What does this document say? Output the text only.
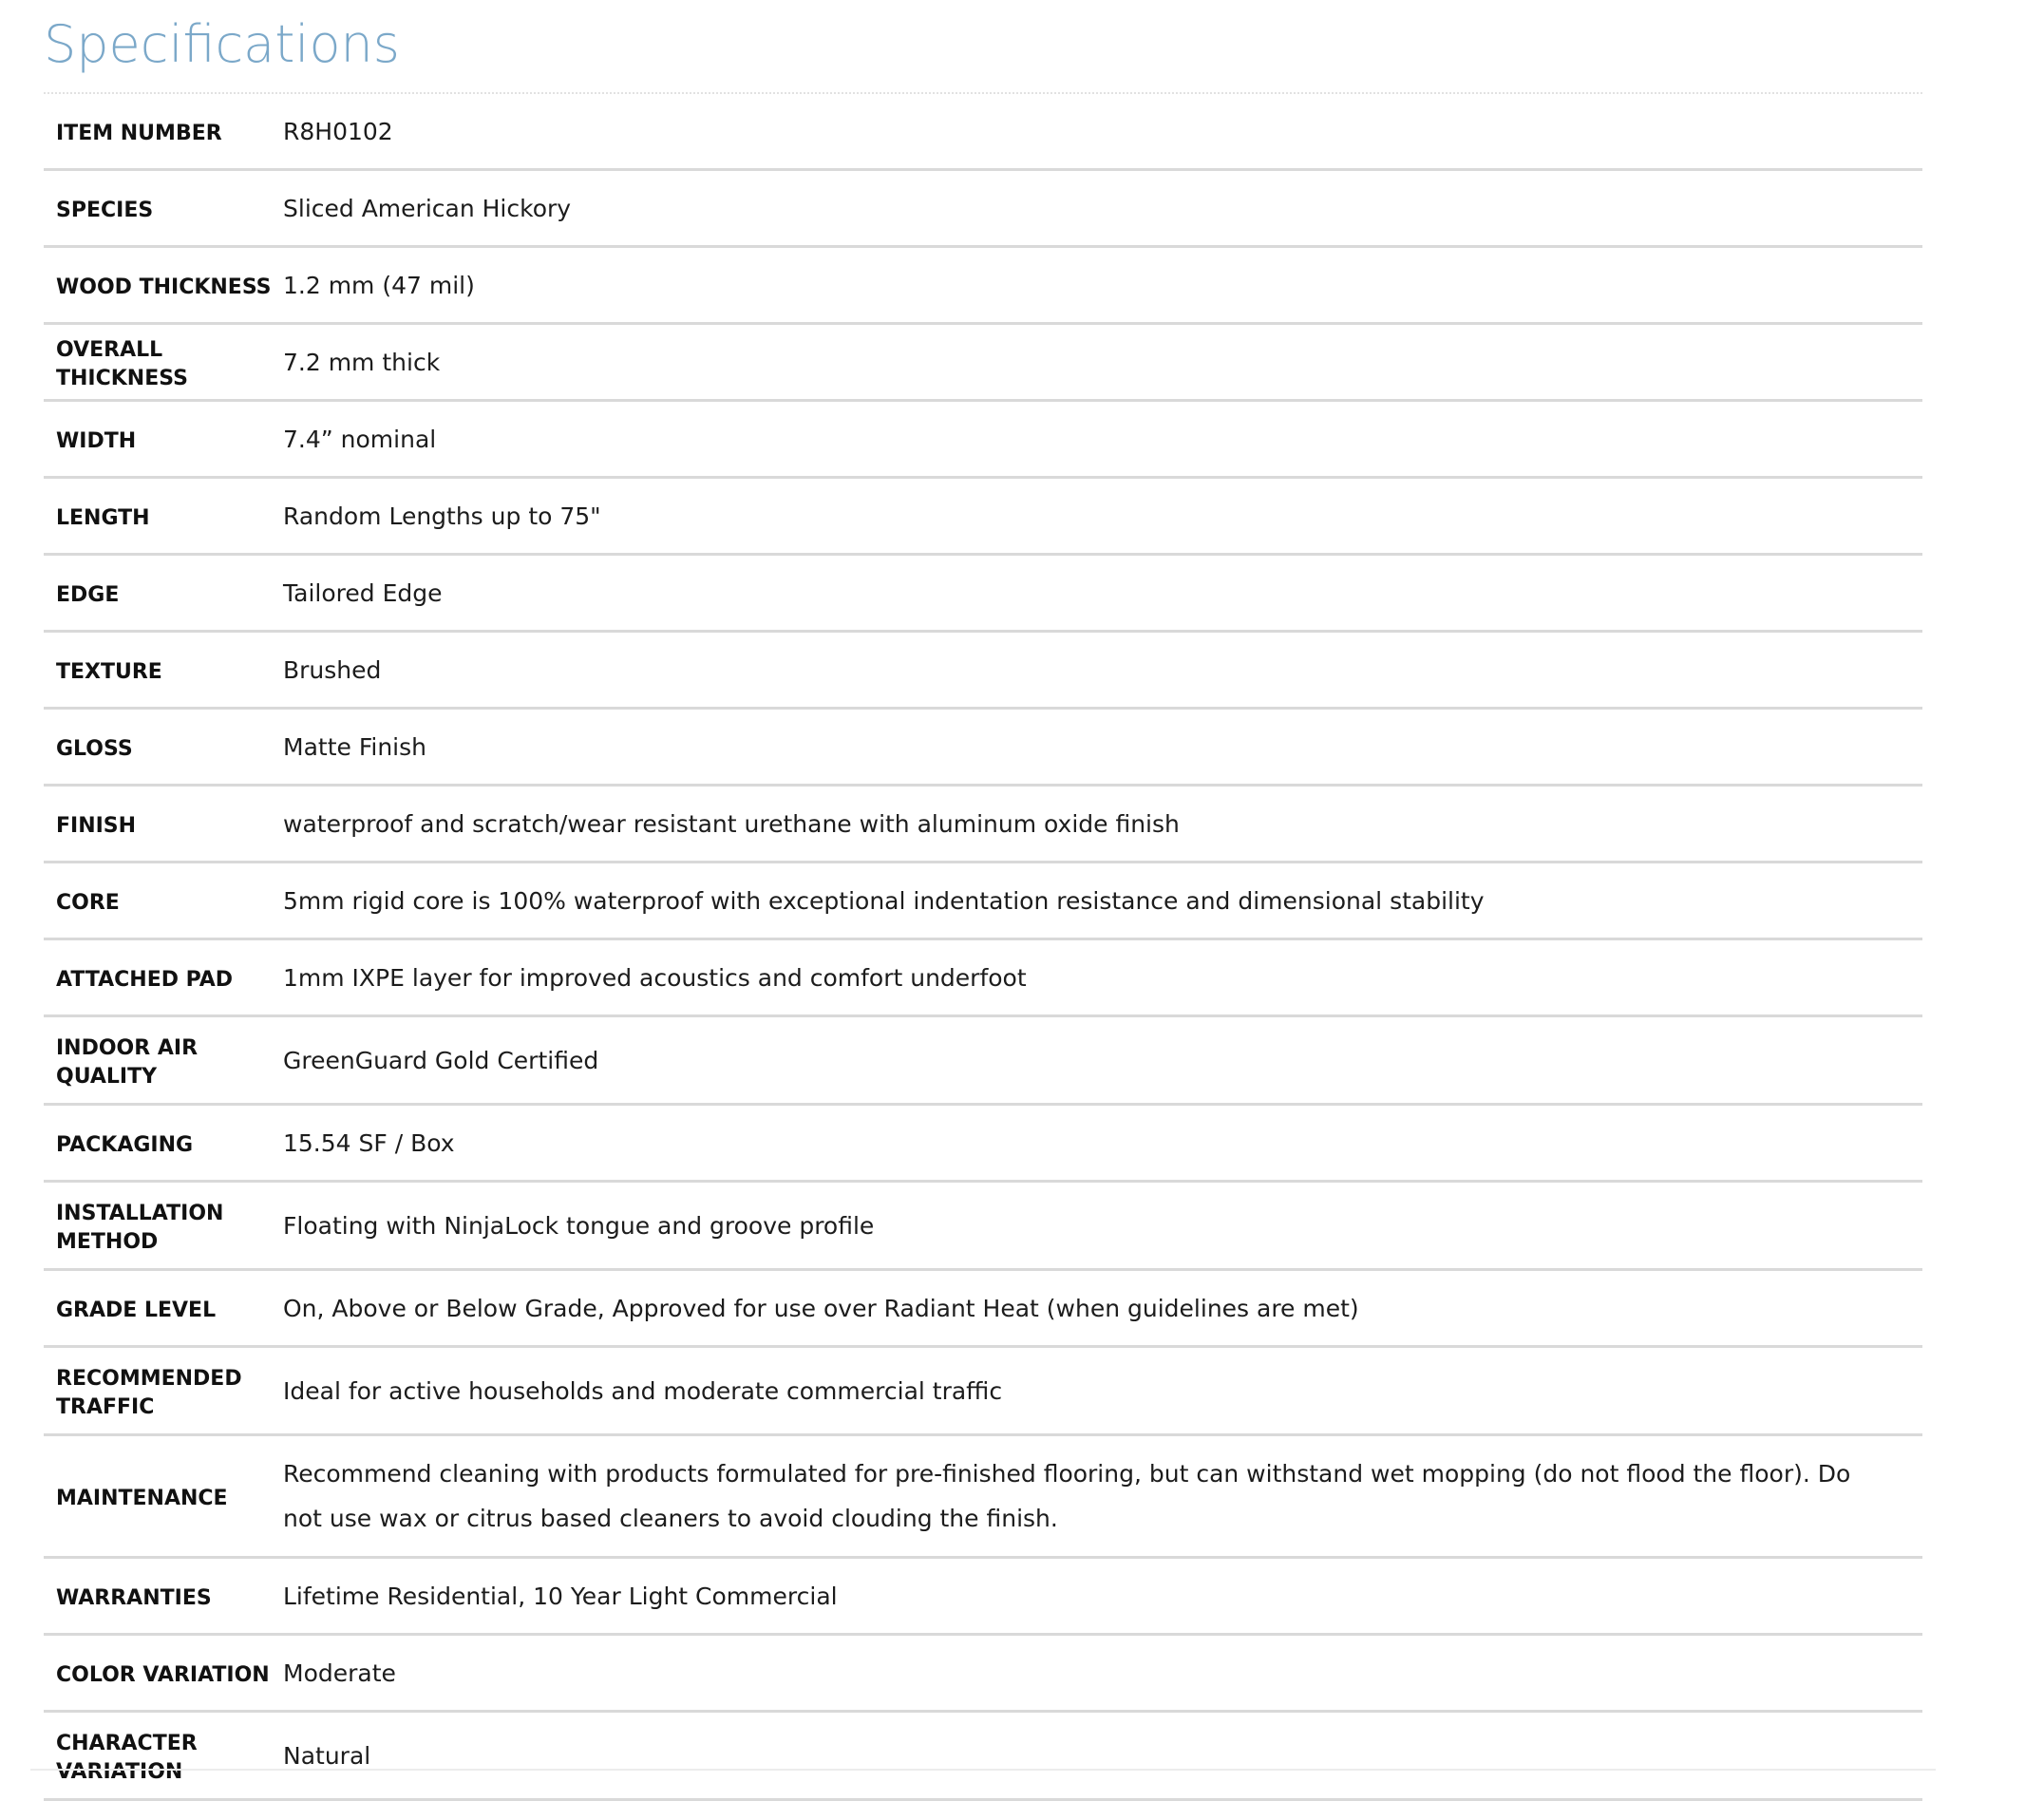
Specifications
ITEM NUMBER	R8H0102
SPECIES	Sliced American Hickory
WOOD THICKNESS	1.2 mm (47 mil)
OVERALL THICKNESS	7.2 mm thick
WIDTH	7.4” nominal
LENGTH	Random Lengths up to 75"
EDGE	Tailored Edge
TEXTURE	Brushed
GLOSS	Matte Finish
FINISH	waterproof and scratch/wear resistant urethane with aluminum oxide finish
CORE	5mm rigid core is 100% waterproof with exceptional indentation resistance and dimensional stability
ATTACHED PAD	1mm IXPE layer for improved acoustics and comfort underfoot
INDOOR AIR QUALITY	GreenGuard Gold Certified
PACKAGING	15.54 SF / Box
INSTALLATION METHOD	Floating with NinjaLock tongue and groove profile
GRADE LEVEL	On, Above or Below Grade, Approved for use over Radiant Heat (when guidelines are met)
RECOMMENDED TRAFFIC	Ideal for active households and moderate commercial traffic
MAINTENANCE	Recommend cleaning with products formulated for pre-finished flooring, but can withstand wet mopping (do not flood the floor). Do not use wax or citrus based cleaners to avoid clouding the finish.
WARRANTIES	Lifetime Residential, 10 Year Light Commercial
COLOR VARIATION	Moderate
CHARACTER VARIATION	Natural
